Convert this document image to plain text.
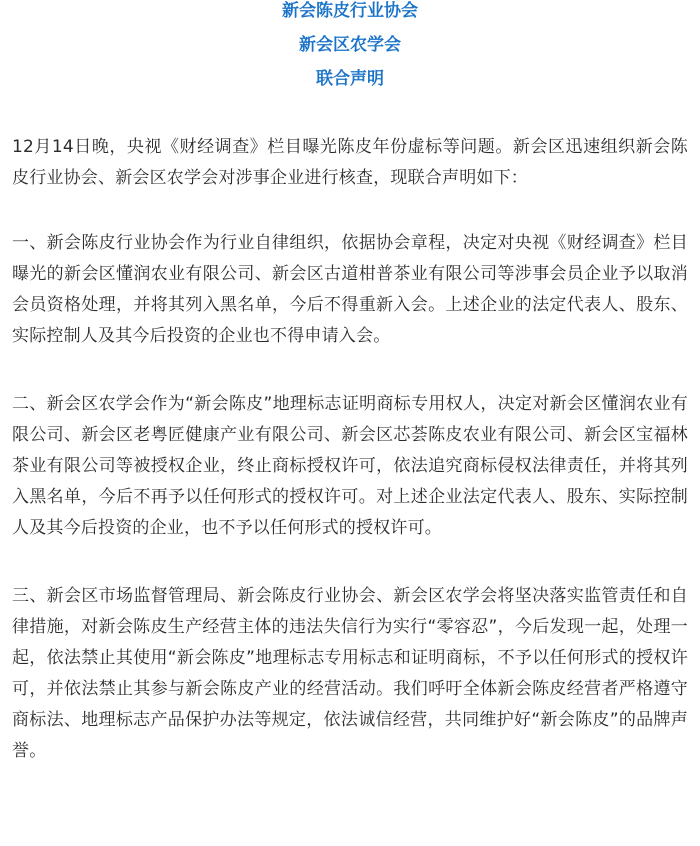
新会陈皮行业协会
新会区农学会
联合声明

12月14日晚，央视《财经调查》栏目曝光陈皮年份虚标等问题。新会区迅速组织新会陈皮行业协会、新会区农学会对涉事企业进行核查，现联合声明如下：

一、新会陈皮行业协会作为行业自律组织，依据协会章程，决定对央视《财经调查》栏目曝光的新会区懂润农业有限公司、新会区古道柑普茶业有限公司等涉事会员企业予以取消会员资格处理，并将其列入黑名单，今后不得重新入会。上述企业的法定代表人、股东、实际控制人及其今后投资的企业也不得申请入会。

二、新会区农学会作为“新会陈皮”地理标志证明商标专用权人，决定对新会区懂润农业有限公司、新会区老粤匠健康产业有限公司、新会区芯荟陈皮农业有限公司、新会区宝福林茶业有限公司等被授权企业，终止商标授权许可，依法追究商标侵权法律责任，并将其列入黑名单，今后不再予以任何形式的授权许可。对上述企业法定代表人、股东、实际控制人及其今后投资的企业，也不予以任何形式的授权许可。

三、新会区市场监督管理局、新会陈皮行业协会、新会区农学会将坚决落实监管责任和自律措施，对新会陈皮生产经营主体的违法失信行为实行“零容忍”，今后发现一起，处理一起，依法禁止其使用“新会陈皮”地理标志专用标志和证明商标，不予以任何形式的授权许可，并依法禁止其参与新会陈皮产业的经营活动。我们呼吁全体新会陈皮经营者严格遵守商标法、地理标志产品保护办法等规定，依法诚信经营，共同维护好“新会陈皮”的品牌声誉。
